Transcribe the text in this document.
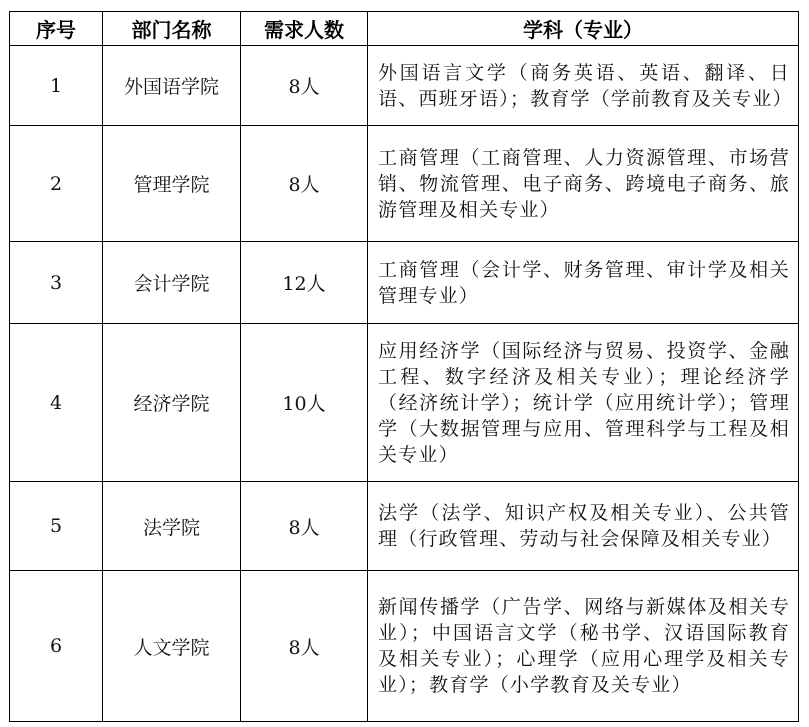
序号	部门名称	需求人数	学科（专业）
1	外国语学院	8人	外国语言文学（商务英语、英语、翻译、日语、西班牙语）；教育学（学前教育及关专业）
2	管理学院	8人	工商管理（工商管理、人力资源管理、市场营销、物流管理、电子商务、跨境电子商务、旅游管理及相关专业）
3	会计学院	12人	工商管理（会计学、财务管理、审计学及相关管理专业）
4	经济学院	10人	应用经济学（国际经济与贸易、投资学、金融工程、数字经济及相关专业）；理论经济学（经济统计学）；统计学（应用统计学）；管理学（大数据管理与应用、管理科学与工程及相关专业）
5	法学院	8人	法学（法学、知识产权及相关专业）、公共管理（行政管理、劳动与社会保障及相关专业）
6	人文学院	8人	新闻传播学（广告学、网络与新媒体及相关专业）；中国语言文学（秘书学、汉语国际教育及相关专业）；心理学（应用心理学及相关专业）；教育学（小学教育及关专业）
